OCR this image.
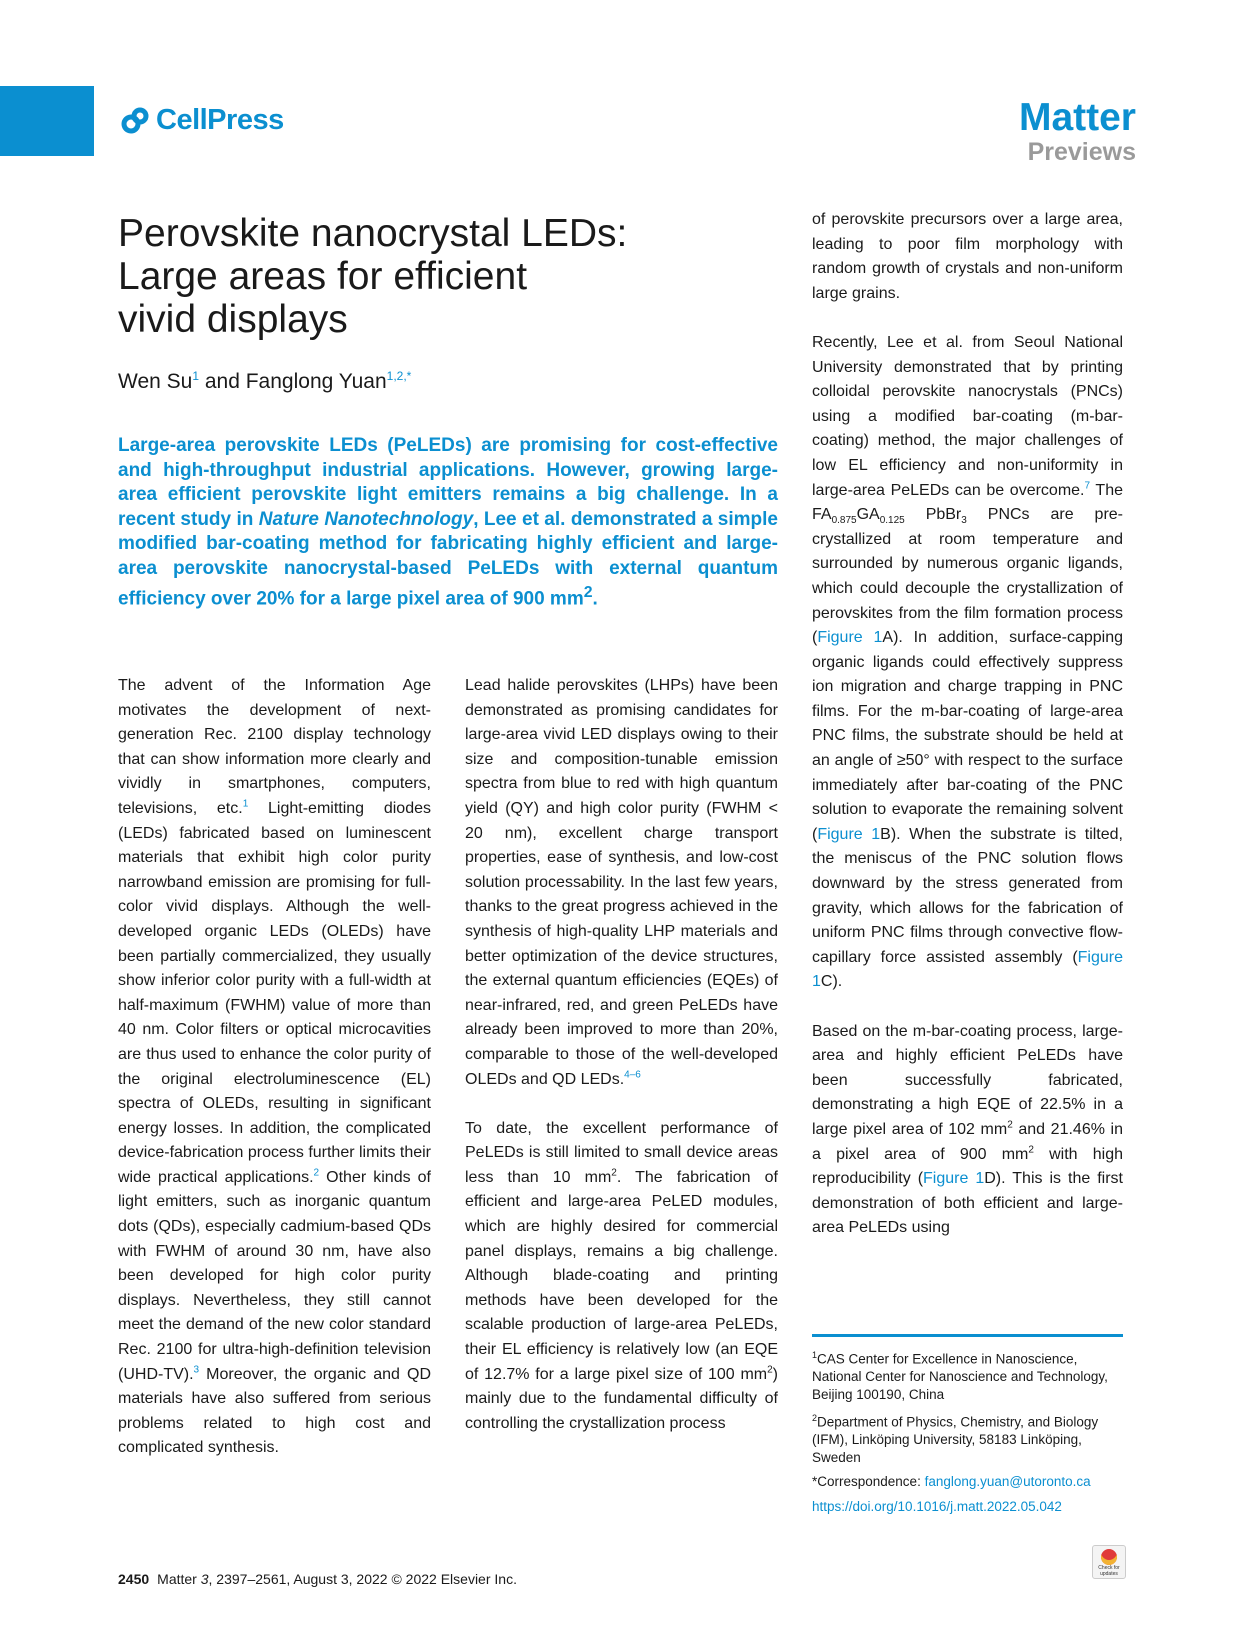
CellPress	Matter
Previews
Perovskite nanocrystal LEDs:
Large areas for efficient
vivid displays
Wen Su$^1$ and Fanglong Yuan$^{1,2,*}$

Large-area perovskite LEDs (PeLEDs) are promising for cost-effective and high-throughput industrial applications. However, growing large-area efficient perovskite light emitters remains a big challenge. In a recent study in Nature Nanotechnology, Lee et al. demonstrated a simple modified bar-coating method for fabricating highly efficient and large-area perovskite nanocrystal-based PeLEDs with external quantum efficiency over 20% for a large pixel area of 900 $mm^2$.

The advent of the Information Age motivates the development of next-generation Rec. 2100 display technology that can show information more clearly and vividly in smartphones, computers, televisions, etc.$^1$ Light-emitting diodes (LEDs) fabricated based on luminescent materials that exhibit high color purity narrowband emission are promising for full-color vivid displays. Although the well-developed organic LEDs (OLEDs) have been partially commercialized, they usually show inferior color purity with a full-width at half-maximum (FWHM) value of more than 40 nm. Color filters or optical microcavities are thus used to enhance the color purity of the original electroluminescence (EL) spectra of OLEDs, resulting in significant energy losses. In addition, the complicated device-fabrication process further limits their wide practical applications.$^2$ Other kinds of light emitters, such as inorganic quantum dots (QDs), especially cadmium-based QDs with FWHM of around 30 nm, have also been developed for high color purity displays. Nevertheless, they still cannot meet the demand of the new color standard Rec. 2100 for ultra-high-definition television (UHD-TV).$^3$ Moreover, the organic and QD materials have also suffered from serious problems related to high cost and complicated synthesis.

Lead halide perovskites (LHPs) have been demonstrated as promising candidates for large-area vivid LED displays owing to their size and composition-tunable emission spectra from blue to red with high quantum yield (QY) and high color purity (FWHM < 20 nm), excellent charge transport properties, ease of synthesis, and low-cost solution processability. In the last few years, thanks to the great progress achieved in the synthesis of high-quality LHP materials and better optimization of the device structures, the external quantum efficiencies (EQEs) of near-infrared, red, and green PeLEDs have already been improved to more than 20%, comparable to those of the well-developed OLEDs and QD LEDs.$^{4-6}$

To date, the excellent performance of PeLEDs is still limited to small device areas less than 10 $mm^2$. The fabrication of efficient and large-area PeLED modules, which are highly desired for commercial panel displays, remains a big challenge. Although blade-coating and printing methods have been developed for the scalable production of large-area PeLEDs, their EL efficiency is relatively low (an EQE of 12.7% for a large pixel size of 100 $mm^2$) mainly due to the fundamental difficulty of controlling the crystallization process

of perovskite precursors over a large area, leading to poor film morphology with random growth of crystals and non-uniform large grains.

Recently, Lee et al. from Seoul National University demonstrated that by printing colloidal perovskite nanocrystals (PNCs) using a modified bar-coating (m-bar-coating) method, the major challenges of low EL efficiency and non-uniformity in large-area PeLEDs can be overcome.$^7$ The $FA_{0.875}GA_{0.125}$ PbBr$_3$ PNCs are pre-crystallized at room temperature and surrounded by numerous organic ligands, which could decouple the crystallization of perovskites from the film formation process (Figure 1A). In addition, surface-capping organic ligands could effectively suppress ion migration and charge trapping in PNC films. For the m-bar-coating of large-area PNC films, the substrate should be held at an angle of ≥50° with respect to the surface immediately after bar-coating of the PNC solution to evaporate the remaining solvent (Figure 1B). When the substrate is tilted, the meniscus of the PNC solution flows downward by the stress generated from gravity, which allows for the fabrication of uniform PNC films through convective flow-capillary force assisted assembly (Figure 1C).

Based on the m-bar-coating process, large-area and highly efficient PeLEDs have been successfully fabricated, demonstrating a high EQE of 22.5% in a large pixel area of 102 $mm^2$ and 21.46% in a pixel area of 900 $mm^2$ with high reproducibility (Figure 1D). This is the first demonstration of both efficient and large-area PeLEDs using

$^1$CAS Center for Excellence in Nanoscience, National Center for Nanoscience and Technology, Beijing 100190, China

$^2$Department of Physics, Chemistry, and Biology (IFM), Linköping University, 58183 Linköping, Sweden

*Correspondence: fanglong.yuan@utoronto.ca

https://doi.org/10.1016/j.matt.2022.05.042

2450 Matter 3, 2397–2561, August 3, 2022 © 2022 Elsevier Inc.
Check for
updates
